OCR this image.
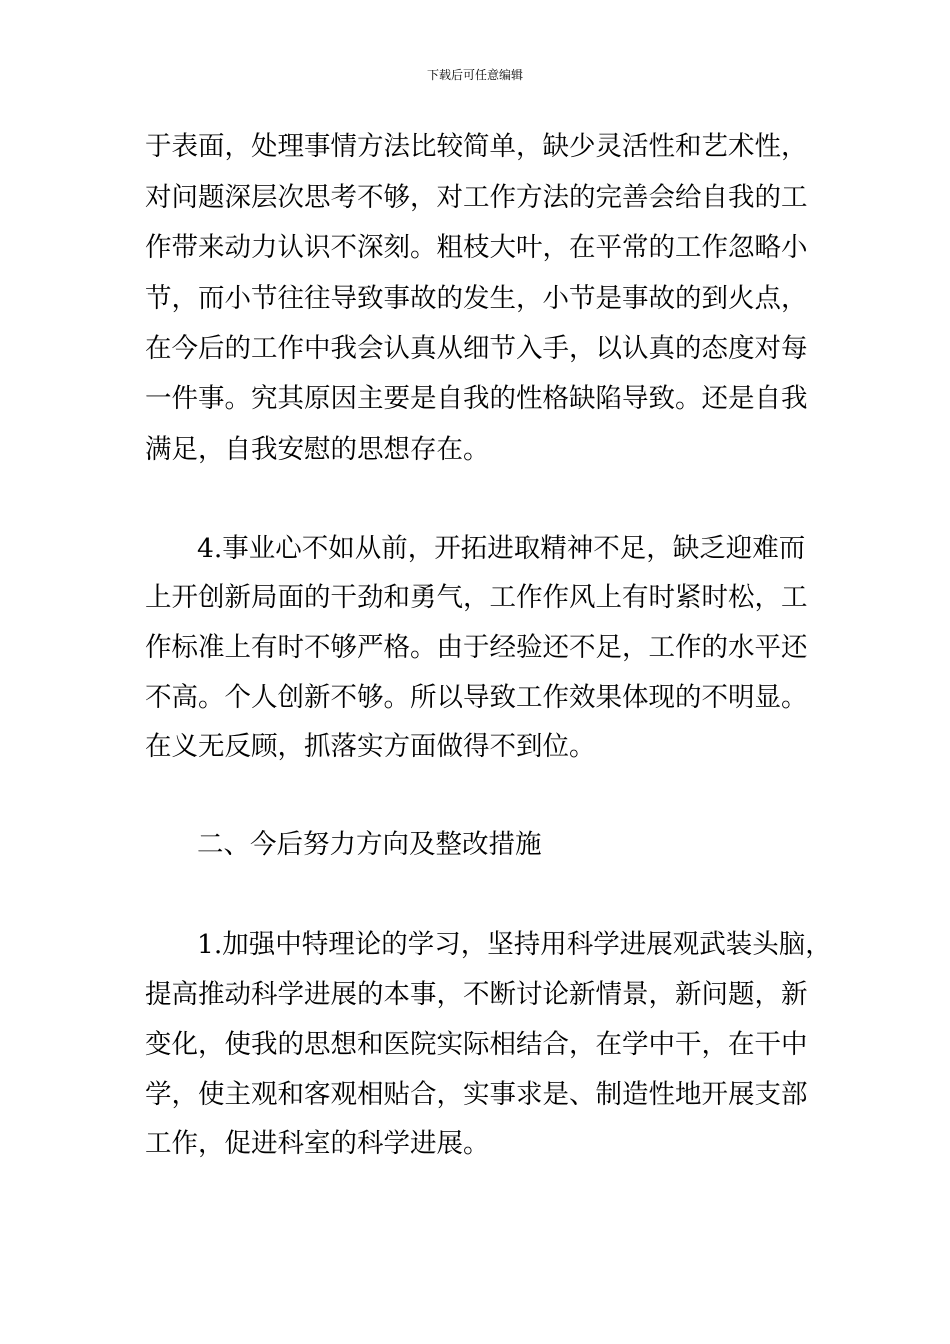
下载后可任意编辑
于表面，处理事情方法比较简单，缺少灵活性和艺术性，
对问题深层次思考不够，对工作方法的完善会给自我的工
作带来动力认识不深刻。粗枝大叶，在平常的工作忽略小
节，而小节往往导致事故的发生，小节是事故的到火点，
在今后的工作中我会认真从细节入手，以认真的态度对每
一件事。究其原因主要是自我的性格缺陷导致。还是自我
满足，自我安慰的思想存在。
4.事业心不如从前，开拓进取精神不足，缺乏迎难而
上开创新局面的干劲和勇气，工作作风上有时紧时松，工
作标准上有时不够严格。由于经验还不足，工作的水平还
不高。个人创新不够。所以导致工作效果体现的不明显。
在义无反顾，抓落实方面做得不到位。
二、今后努力方向及整改措施
1.加强中特理论的学习，坚持用科学进展观武装头脑，
提高推动科学进展的本事，不断讨论新情景，新问题，新
变化，使我的思想和医院实际相结合，在学中干，在干中
学，使主观和客观相贴合，实事求是、制造性地开展支部
工作，促进科室的科学进展。
